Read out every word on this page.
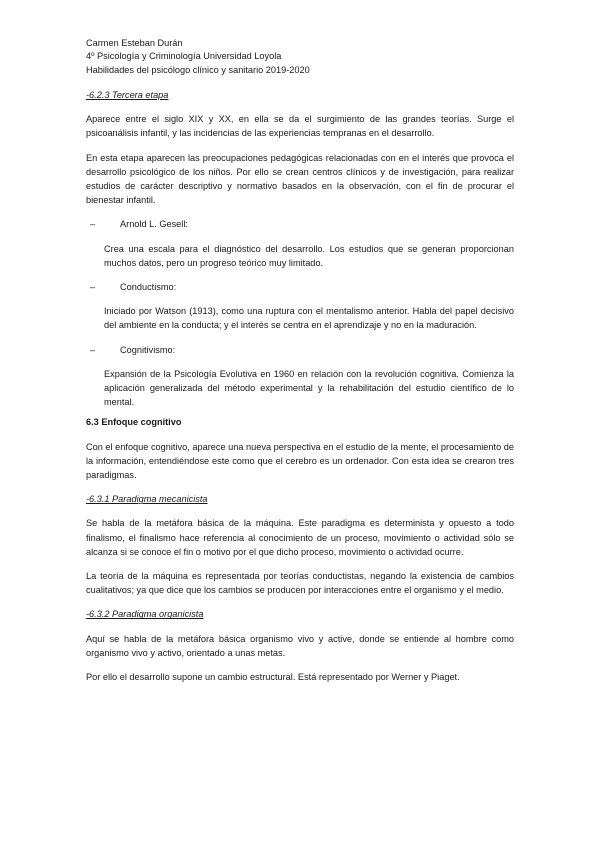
Carmen Esteban Durán
4º Psicología y Criminología Universidad Loyola
Habilidades del psicólogo clínico y sanitario 2019-2020

-6.2.3 Tercera etapa

Aparece entre el siglo XIX y XX, en ella se da el surgimiento de las grandes teorías. Surge el psicoanálisis infantil, y las incidencias de las experiencias tempranas en el desarrollo.

En esta etapa aparecen las preocupaciones pedagógicas relacionadas con en el interés que provoca el desarrollo psicológico de los niños. Por ello se crean centros clínicos y de investigación, para realizar estudios de carácter descriptivo y normativo basados en la observación, con el fin de procurar el bienestar infantil.

–	Arnold L. Gesell:

Crea una escala para el diagnóstico del desarrollo. Los estudios que se generan proporcionan muchos datos, pero un progreso teórico muy limitado.

–	Conductismo:

Iniciado por Watson (1913), como una ruptura con el mentalismo anterior. Habla del papel decisivo del ambiente en la conducta; y el interés se centra en el aprendizaje y no en la maduración.

–	Cognitivismo:

Expansión de la Psicología Evolutiva en 1960 en relación con la revolución cognitiva. Comienza la aplicación generalizada del método experimental y la rehabilitación del estudio científico de lo mental.

6.3 Enfoque cognitivo

Con el enfoque cognitivo, aparece una nueva perspectiva en el estudio de la mente, el procesamiento de la información, entendiéndose este como que el cerebro es un ordenador. Con esta idea se crearon tres paradigmas.

-6.3.1 Paradigma mecanicista

Se habla de la metáfora básica de la máquina. Este paradigma es determinista y opuesto a todo finalismo, el finalismo hace referencia al conocimiento de un proceso, movimiento o actividad sólo se alcanza si se conoce el fin o motivo por el que dicho proceso, movimiento o actividad ocurre.

La teoría de la máquina es representada por teorías conductistas, negando la existencia de cambios cualitativos; ya que dice que los cambios se producen por interacciones entre el organismo y el medio.

-6.3.2 Paradigma organicista

Aquí se habla de la metáfora básica organismo vivo y active, donde se entiende al hombre como organismo vivo y activo, orientado a unas metas.

Por ello el desarrollo supone un cambio estructural. Está representado por Werner y Piaget.
